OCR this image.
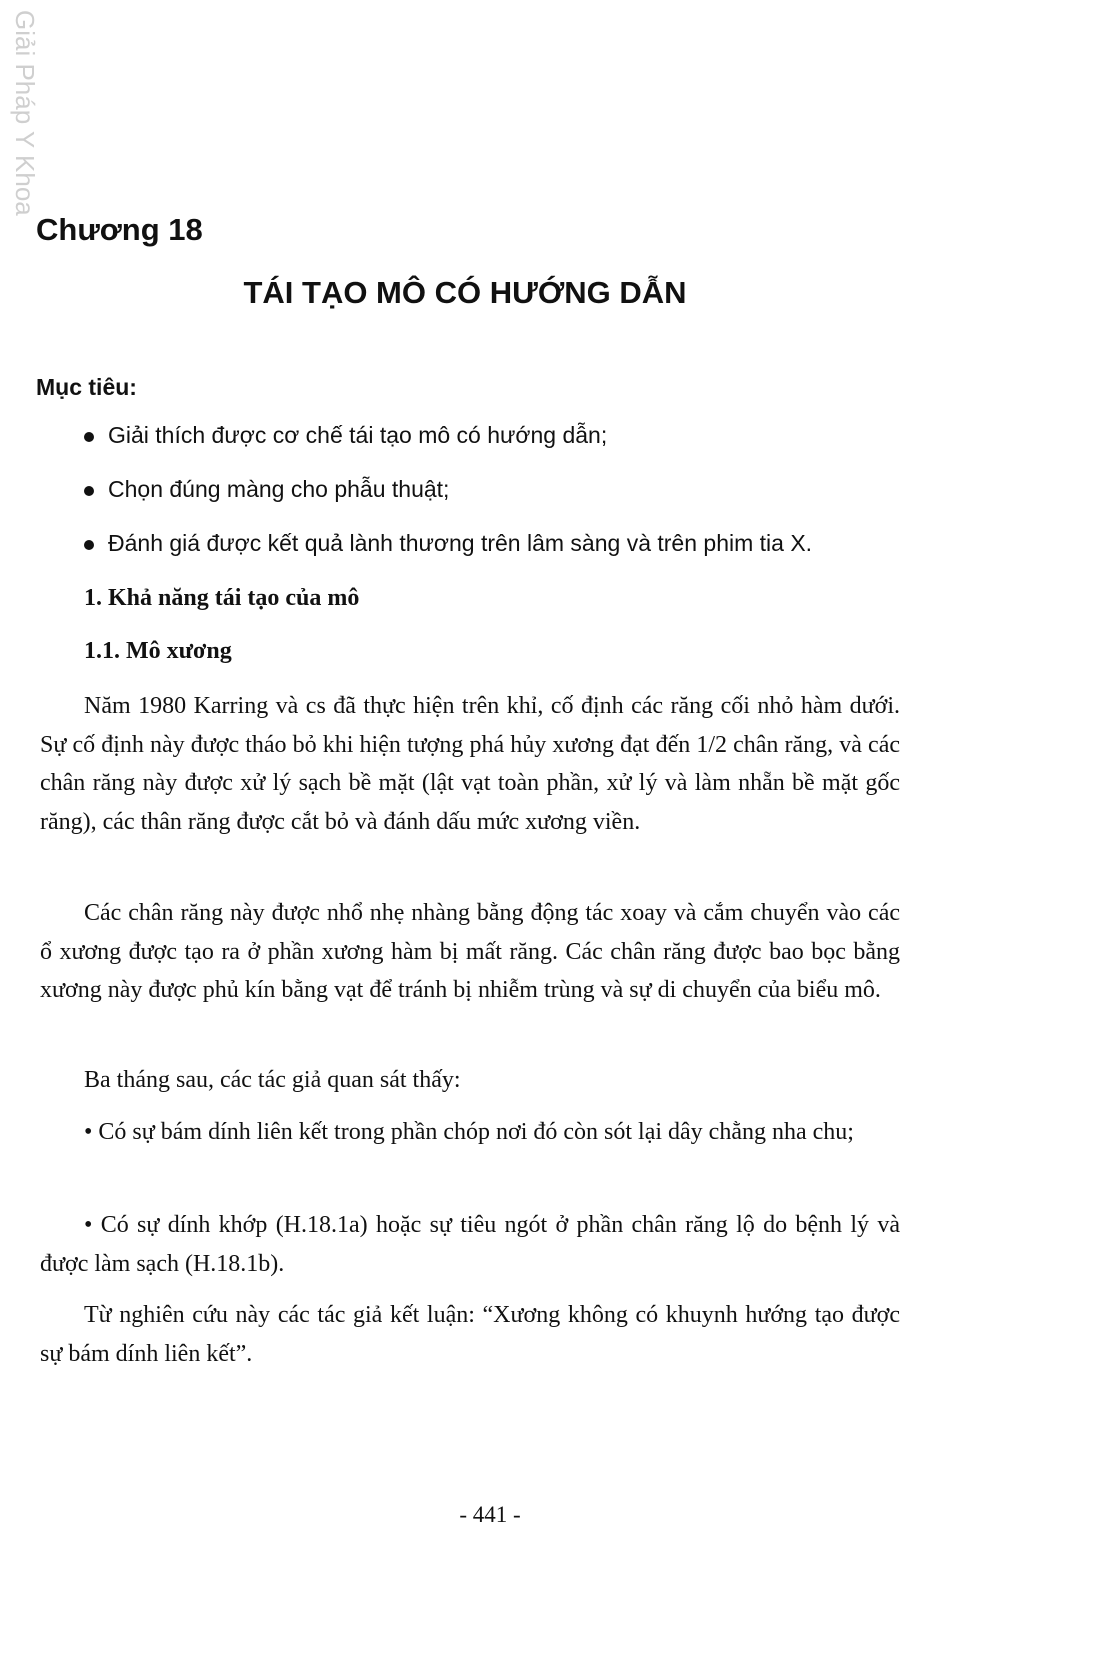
Giải Pháp Y Khoa
Chương 18
TÁI TẠO MÔ CÓ HƯỚNG DẪN
Mục tiêu:
Giải thích được cơ chế tái tạo mô có hướng dẫn;
Chọn đúng màng cho phẫu thuật;
Đánh giá được kết quả lành thương trên lâm sàng và trên phim tia X.
1. Khả năng tái tạo của mô
1.1. Mô xương

Năm 1980 Karring và cs đã thực hiện trên khỉ, cố định các răng cối nhỏ hàm dưới. Sự cố định này được tháo bỏ khi hiện tượng phá hủy xương đạt đến 1/2 chân răng, và các chân răng này được xử lý sạch bề mặt (lật vạt toàn phần, xử lý và làm nhẵn bề mặt gốc răng), các thân răng được cắt bỏ và đánh dấu mức xương viền.

Các chân răng này được nhổ nhẹ nhàng bằng động tác xoay và cắm chuyển vào các ổ xương được tạo ra ở phần xương hàm bị mất răng. Các chân răng được bao bọc bằng xương này được phủ kín bằng vạt để tránh bị nhiễm trùng và sự di chuyển của biểu mô.

Ba tháng sau, các tác giả quan sát thấy:

• Có sự bám dính liên kết trong phần chóp nơi đó còn sót lại dây chằng nha chu;

• Có sự dính khớp (H.18.1a) hoặc sự tiêu ngót ở phần chân răng lộ do bệnh lý và được làm sạch (H.18.1b).

Từ nghiên cứu này các tác giả kết luận: “Xương không có khuynh hướng tạo được sự bám dính liên kết”.

- 441 -
